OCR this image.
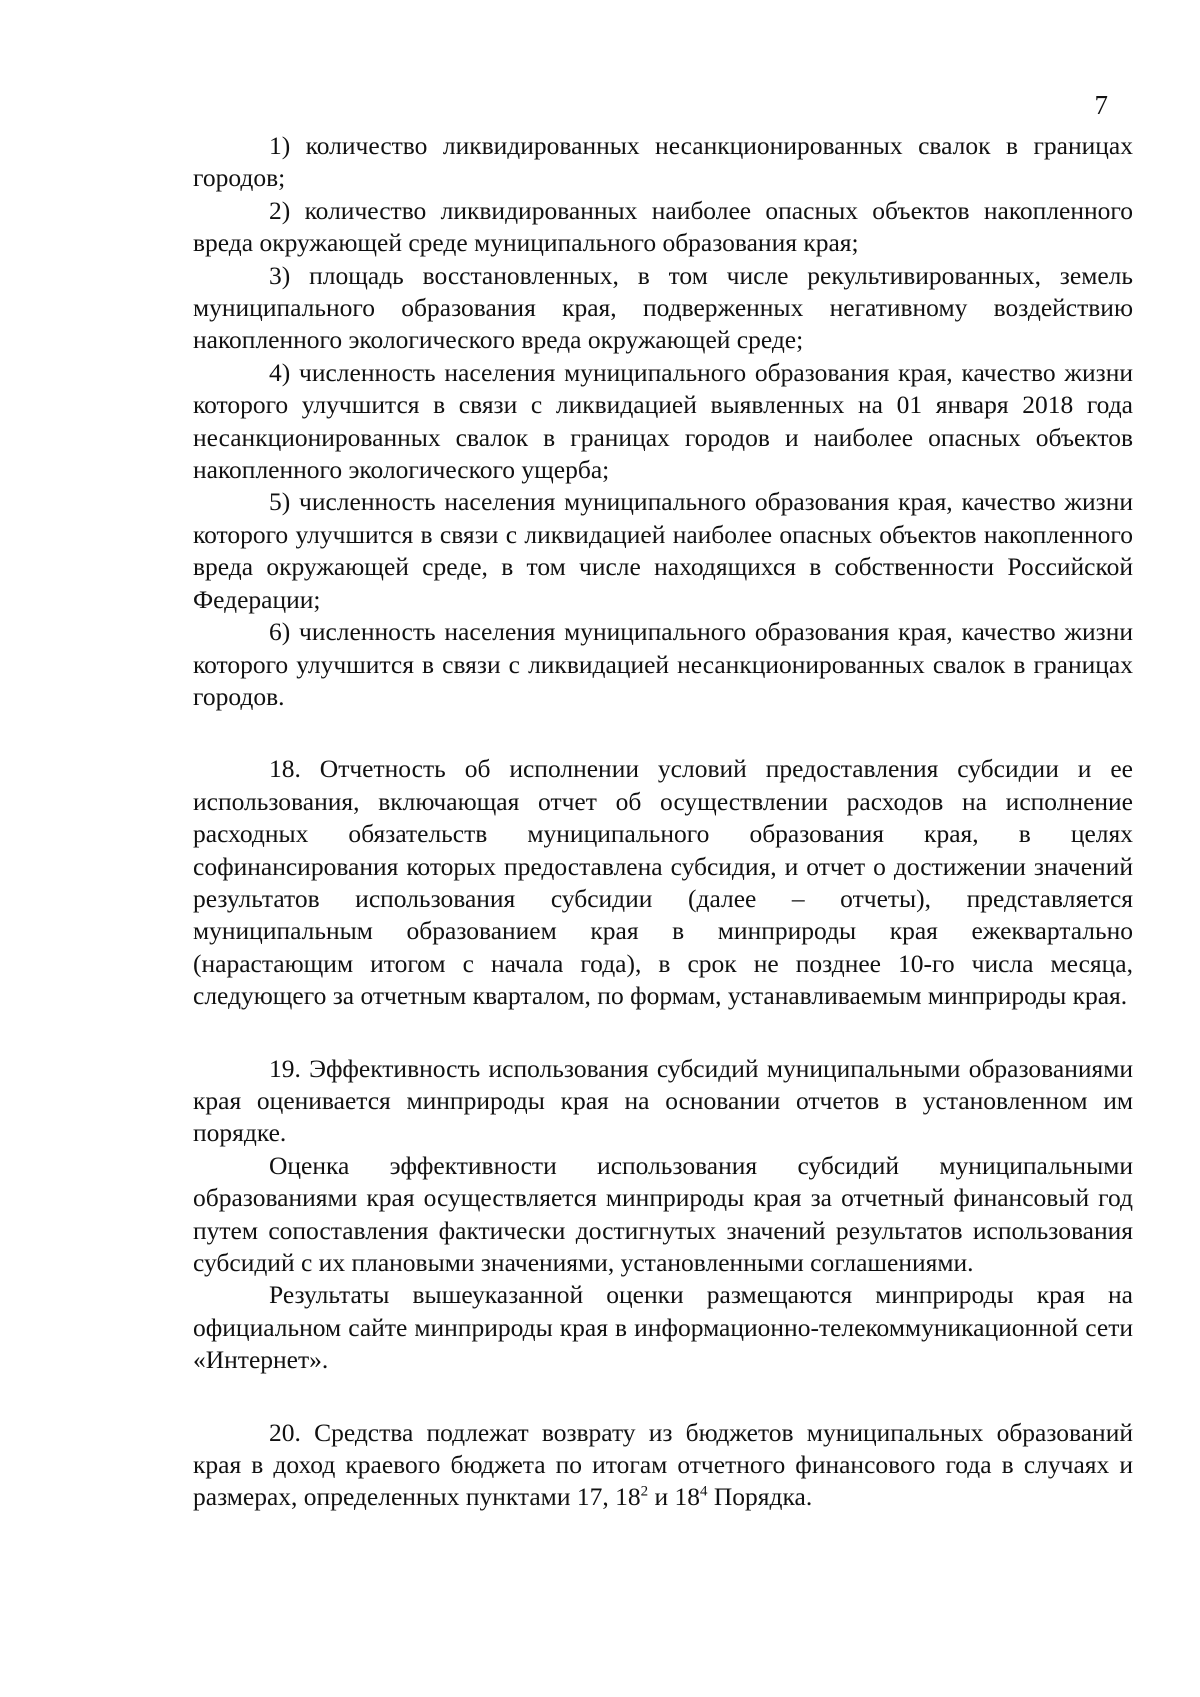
7

1) количество ликвидированных несанкционированных свалок в границах городов;

2) количество ликвидированных наиболее опасных объектов накопленного вреда окружающей среде муниципального образования края;

3) площадь восстановленных, в том числе рекультивированных, земель муниципального образования края, подверженных негативному воздействию накопленного экологического вреда окружающей среде;

4) численность населения муниципального образования края, качество жизни которого улучшится в связи с ликвидацией выявленных на 01 января 2018 года несанкционированных свалок в границах городов и наиболее опасных объектов накопленного экологического ущерба;

5) численность населения муниципального образования края, качество жизни которого улучшится в связи с ликвидацией наиболее опасных объектов накопленного вреда окружающей среде, в том числе находящихся в собственности Российской Федерации;

6) численность населения муниципального образования края, качество жизни которого улучшится в связи с ликвидацией несанкционированных свалок в границах городов.

18. Отчетность об исполнении условий предоставления субсидии и ее использования, включающая отчет об осуществлении расходов на исполнение расходных обязательств муниципального образования края, в целях софинансирования которых предоставлена субсидия, и отчет о достижении значений результатов использования субсидии (далее – отчеты), представляется муниципальным образованием края в минприроды края ежеквартально (нарастающим итогом с начала года), в срок не позднее 10-го числа месяца, следующего за отчетным кварталом, по формам, устанавливаемым минприроды края.

19. Эффективность использования субсидий муниципальными образованиями края оценивается минприроды края на основании отчетов в установленном им порядке.

Оценка эффективности использования субсидий муниципальными образованиями края осуществляется минприроды края за отчетный финансовый год путем сопоставления фактически достигнутых значений результатов использования субсидий с их плановыми значениями, установленными соглашениями.

Результаты вышеуказанной оценки размещаются минприроды края на официальном сайте минприроды края в информационно-телекоммуникационной сети «Интернет».

20. Средства подлежат возврату из бюджетов муниципальных образований края в доход краевого бюджета по итогам отчетного финансового года в случаях и размерах, определенных пунктами 17, $18^2$ и $18^4$ Порядка.
